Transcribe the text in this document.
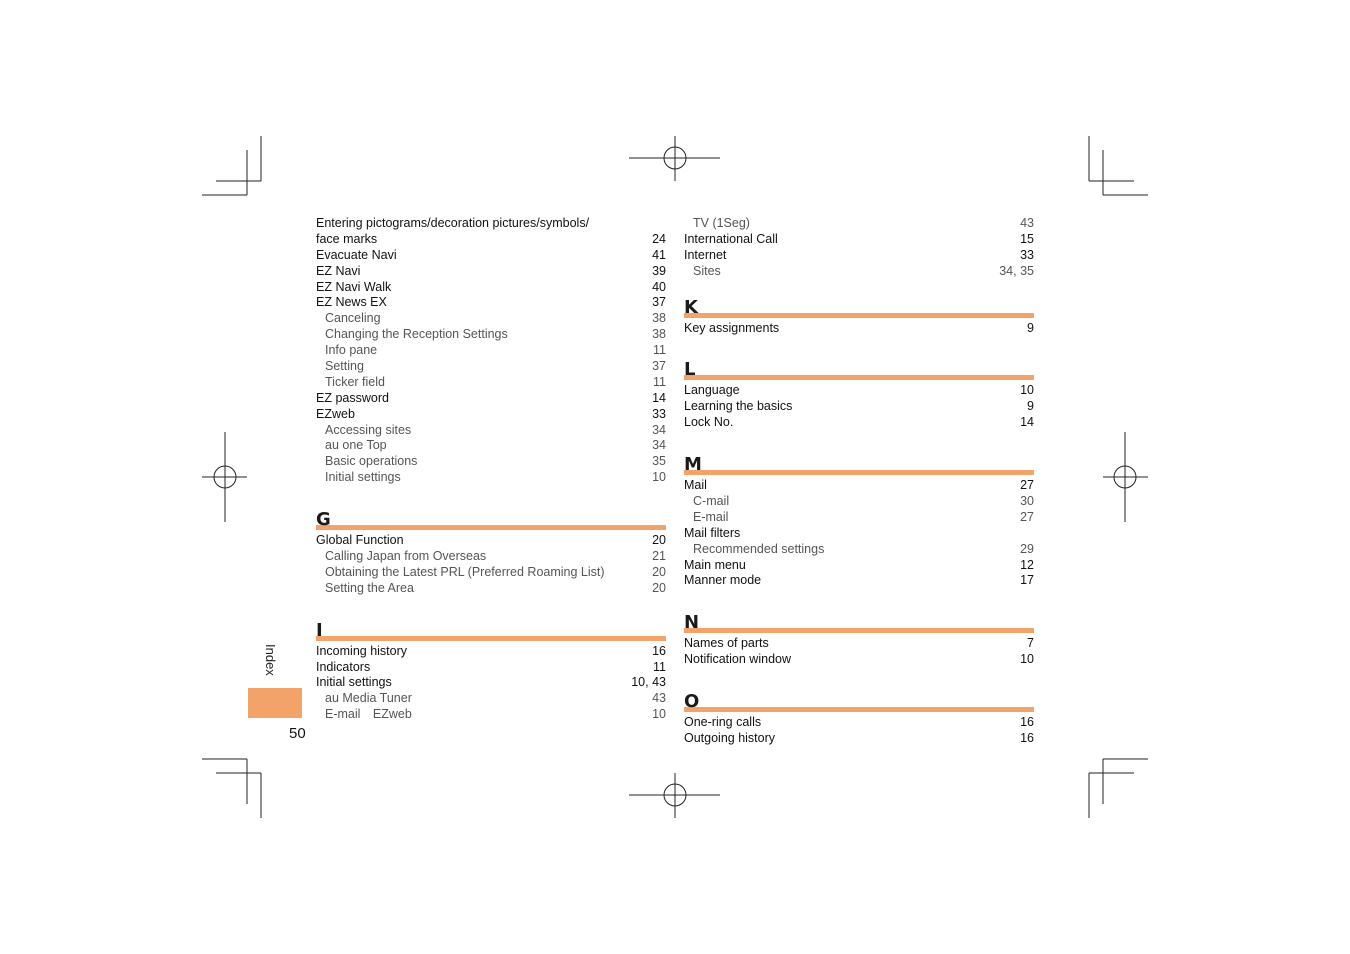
Index
50
Entering pictograms/decoration pictures/symbols/
face marks	24
Evacuate Navi	41
EZ Navi	39
EZ Navi Walk	40
EZ News EX	37
Canceling	38
Changing the Reception Settings	38
Info pane	11
Setting	37
Ticker field	11
EZ password	14
EZweb	33
Accessing sites	34
au one Top	34
Basic operations	35
Initial settings	10
G
Global Function	20
Calling Japan from Overseas	21
Obtaining the Latest PRL (Preferred Roaming List)	20
Setting the Area	20
I
Incoming history	16
Indicators	11
Initial settings	10, 43
au Media Tuner	43
E-mail　EZweb	10
TV (1Seg)	43
International Call	15
Internet	33
Sites	34, 35
K
Key assignments	9
L
Language	10
Learning the basics	9
Lock No.	14
M
Mail	27
C-mail	30
E-mail	27
Mail filters
Recommended settings	29
Main menu	12
Manner mode	17
N
Names of parts	7
Notification window	10
O
One-ring calls	16
Outgoing history	16
